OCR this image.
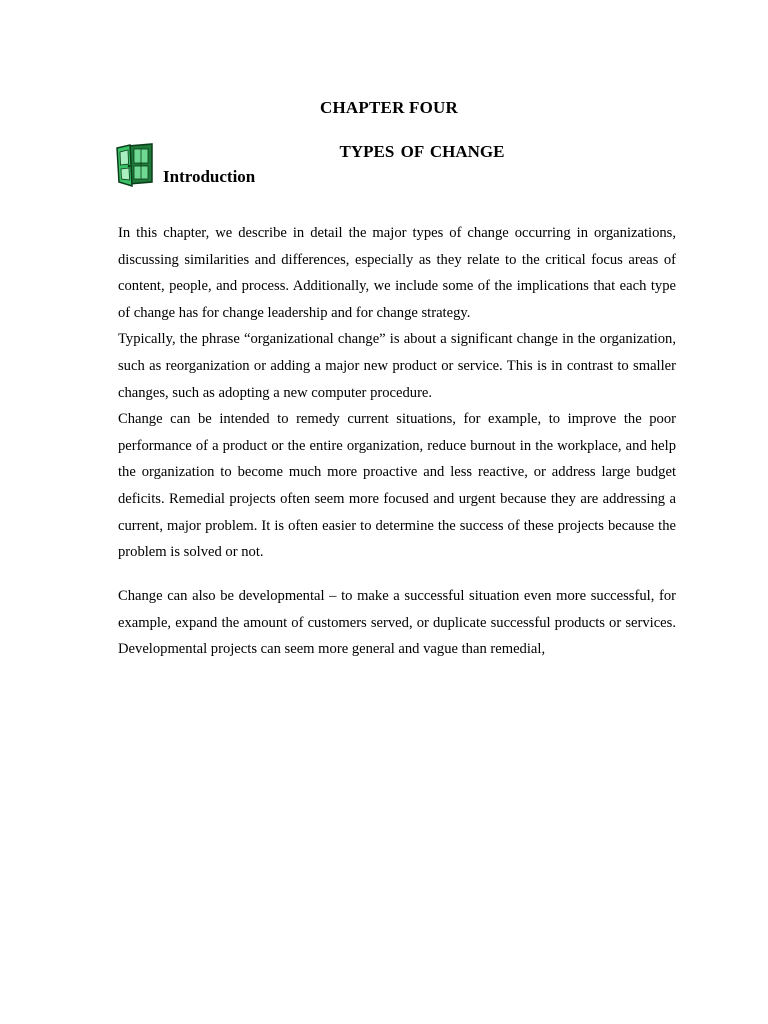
CHAPTER FOUR
TYPES OF CHANGE
Introduction

In this chapter, we describe in detail the major types of change occurring in organizations, discussing similarities and differences, especially as they relate to the critical focus areas of content, people, and process. Additionally, we include some of the implications that each type of change has for change leadership and for change strategy.

Typically, the phrase “organizational change” is about a significant change in the organization, such as reorganization or adding a major new product or service. This is in contrast to smaller changes, such as adopting a new computer procedure.

Change can be intended to remedy current situations, for example, to improve the poor performance of a product or the entire organization, reduce burnout in the workplace, and help the organization to become much more proactive and less reactive, or address large budget deficits. Remedial projects often seem more focused and urgent because they are addressing a current, major problem. It is often easier to determine the success of these projects because the problem is solved or not.

Change can also be developmental – to make a successful situation even more successful, for example, expand the amount of customers served, or duplicate successful products or services. Developmental projects can seem more general and vague than remedial,
